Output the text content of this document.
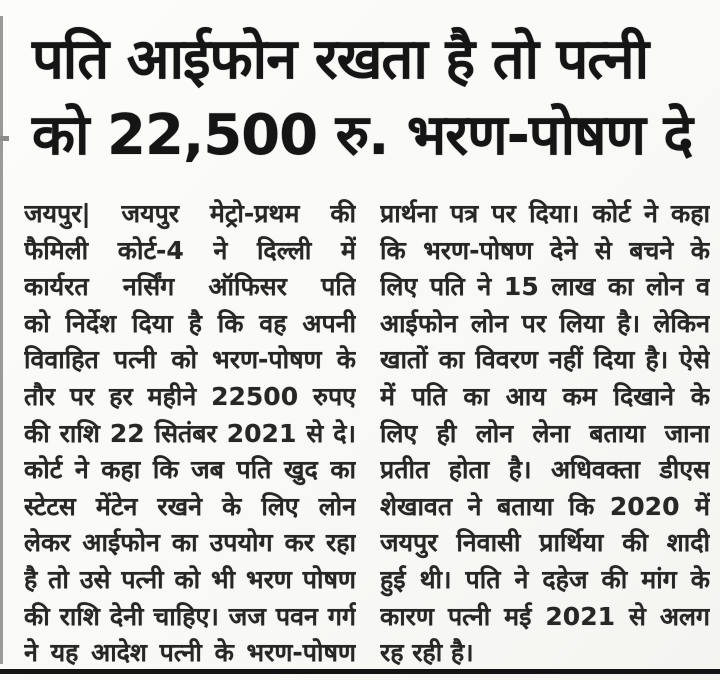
पति आईफोन रखता है तो पत्नी
को 22,500 रु. भरण-पोषण दे
जयपुर| जयपुर मेट्रो-प्रथम की
फैमिली कोर्ट-4 ने दिल्ली में
कार्यरत नर्सिंग ऑफिसर पति
को निर्देश दिया है कि वह अपनी
विवाहित पत्नी को भरण-पोषण के
तौर पर हर महीने 22500 रुपए
की राशि 22 सितंबर 2021 से दे।
कोर्ट ने कहा कि जब पति खुद का
स्टेटस मेंटेन रखने के लिए लोन
लेकर आईफोन का उपयोग कर रहा
है तो उसे पत्नी को भी भरण पोषण
की राशि देनी चाहिए। जज पवन गर्ग
ने यह आदेश पत्नी के भरण-पोषण
प्रार्थना पत्र पर दिया। कोर्ट ने कहा
कि भरण-पोषण देने से बचने के
लिए पति ने 15 लाख का लोन व
आईफोन लोन पर लिया है। लेकिन
खातों का विवरण नहीं दिया है। ऐसे
में पति का आय कम दिखाने के
लिए ही लोन लेना बताया जाना
प्रतीत होता है। अधिवक्ता डीएस
शेखावत ने बताया कि 2020 में
जयपुर निवासी प्रार्थिया की शादी
हुई थी। पति ने दहेज की मांग के
कारण पत्नी मई 2021 से अलग
रह रही है।
